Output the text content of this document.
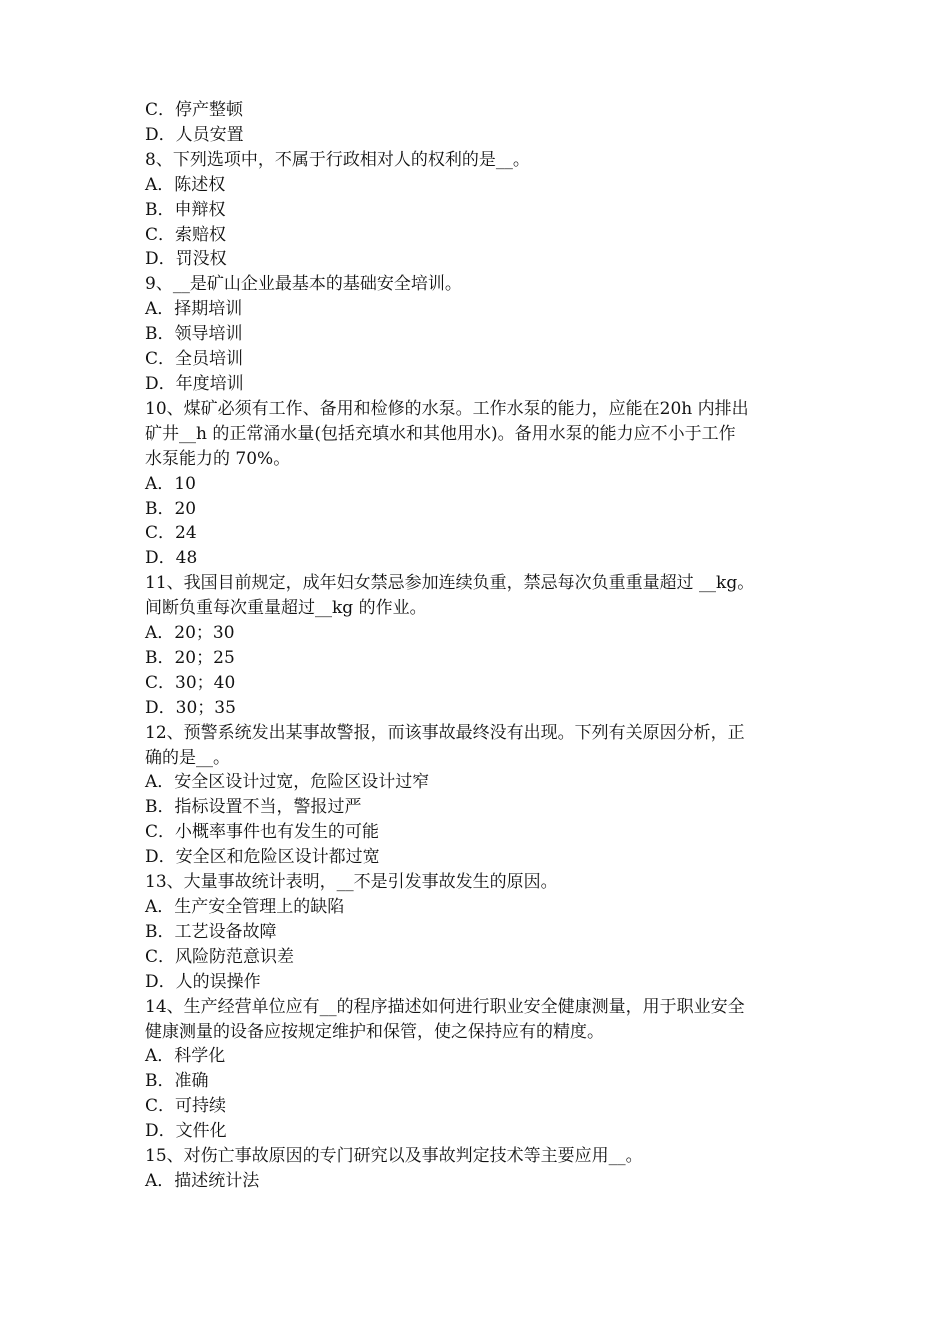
C．停产整顿

D．人员安置

8、下列选项中，不属于行政相对人的权利的是__。

A．陈述权

B．申辩权

C．索赔权

D．罚没权

9、__是矿山企业最基本的基础安全培训。

A．择期培训

B．领导培训

C．全员培训

D．年度培训

10、煤矿必须有工作、备用和检修的水泵。工作水泵的能力，应能在20h 内排出

矿井__h 的正常涌水量(包括充填水和其他用水)。备用水泵的能力应不小于工作

水泵能力的 70%。

A．10

B．20

C．24

D．48

11、我国目前规定，成年妇女禁忌参加连续负重，禁忌每次负重重量超过 __kg。

间断负重每次重量超过__kg 的作业。

A．20；30

B．20；25

C．30；40

D．30；35

12、预警系统发出某事故警报，而该事故最终没有出现。下列有关原因分析，正

确的是__。

A．安全区设计过宽，危险区设计过窄

B．指标设置不当，警报过严

C．小概率事件也有发生的可能

D．安全区和危险区设计都过宽

13、大量事故统计表明，__不是引发事故发生的原因。

A．生产安全管理上的缺陷

B．工艺设备故障

C．风险防范意识差

D．人的误操作

14、生产经营单位应有__的程序描述如何进行职业安全健康测量，用于职业安全

健康测量的设备应按规定维护和保管，使之保持应有的精度。

A．科学化

B．准确

C．可持续

D．文件化

15、对伤亡事故原因的专门研究以及事故判定技术等主要应用__。

A．描述统计法
